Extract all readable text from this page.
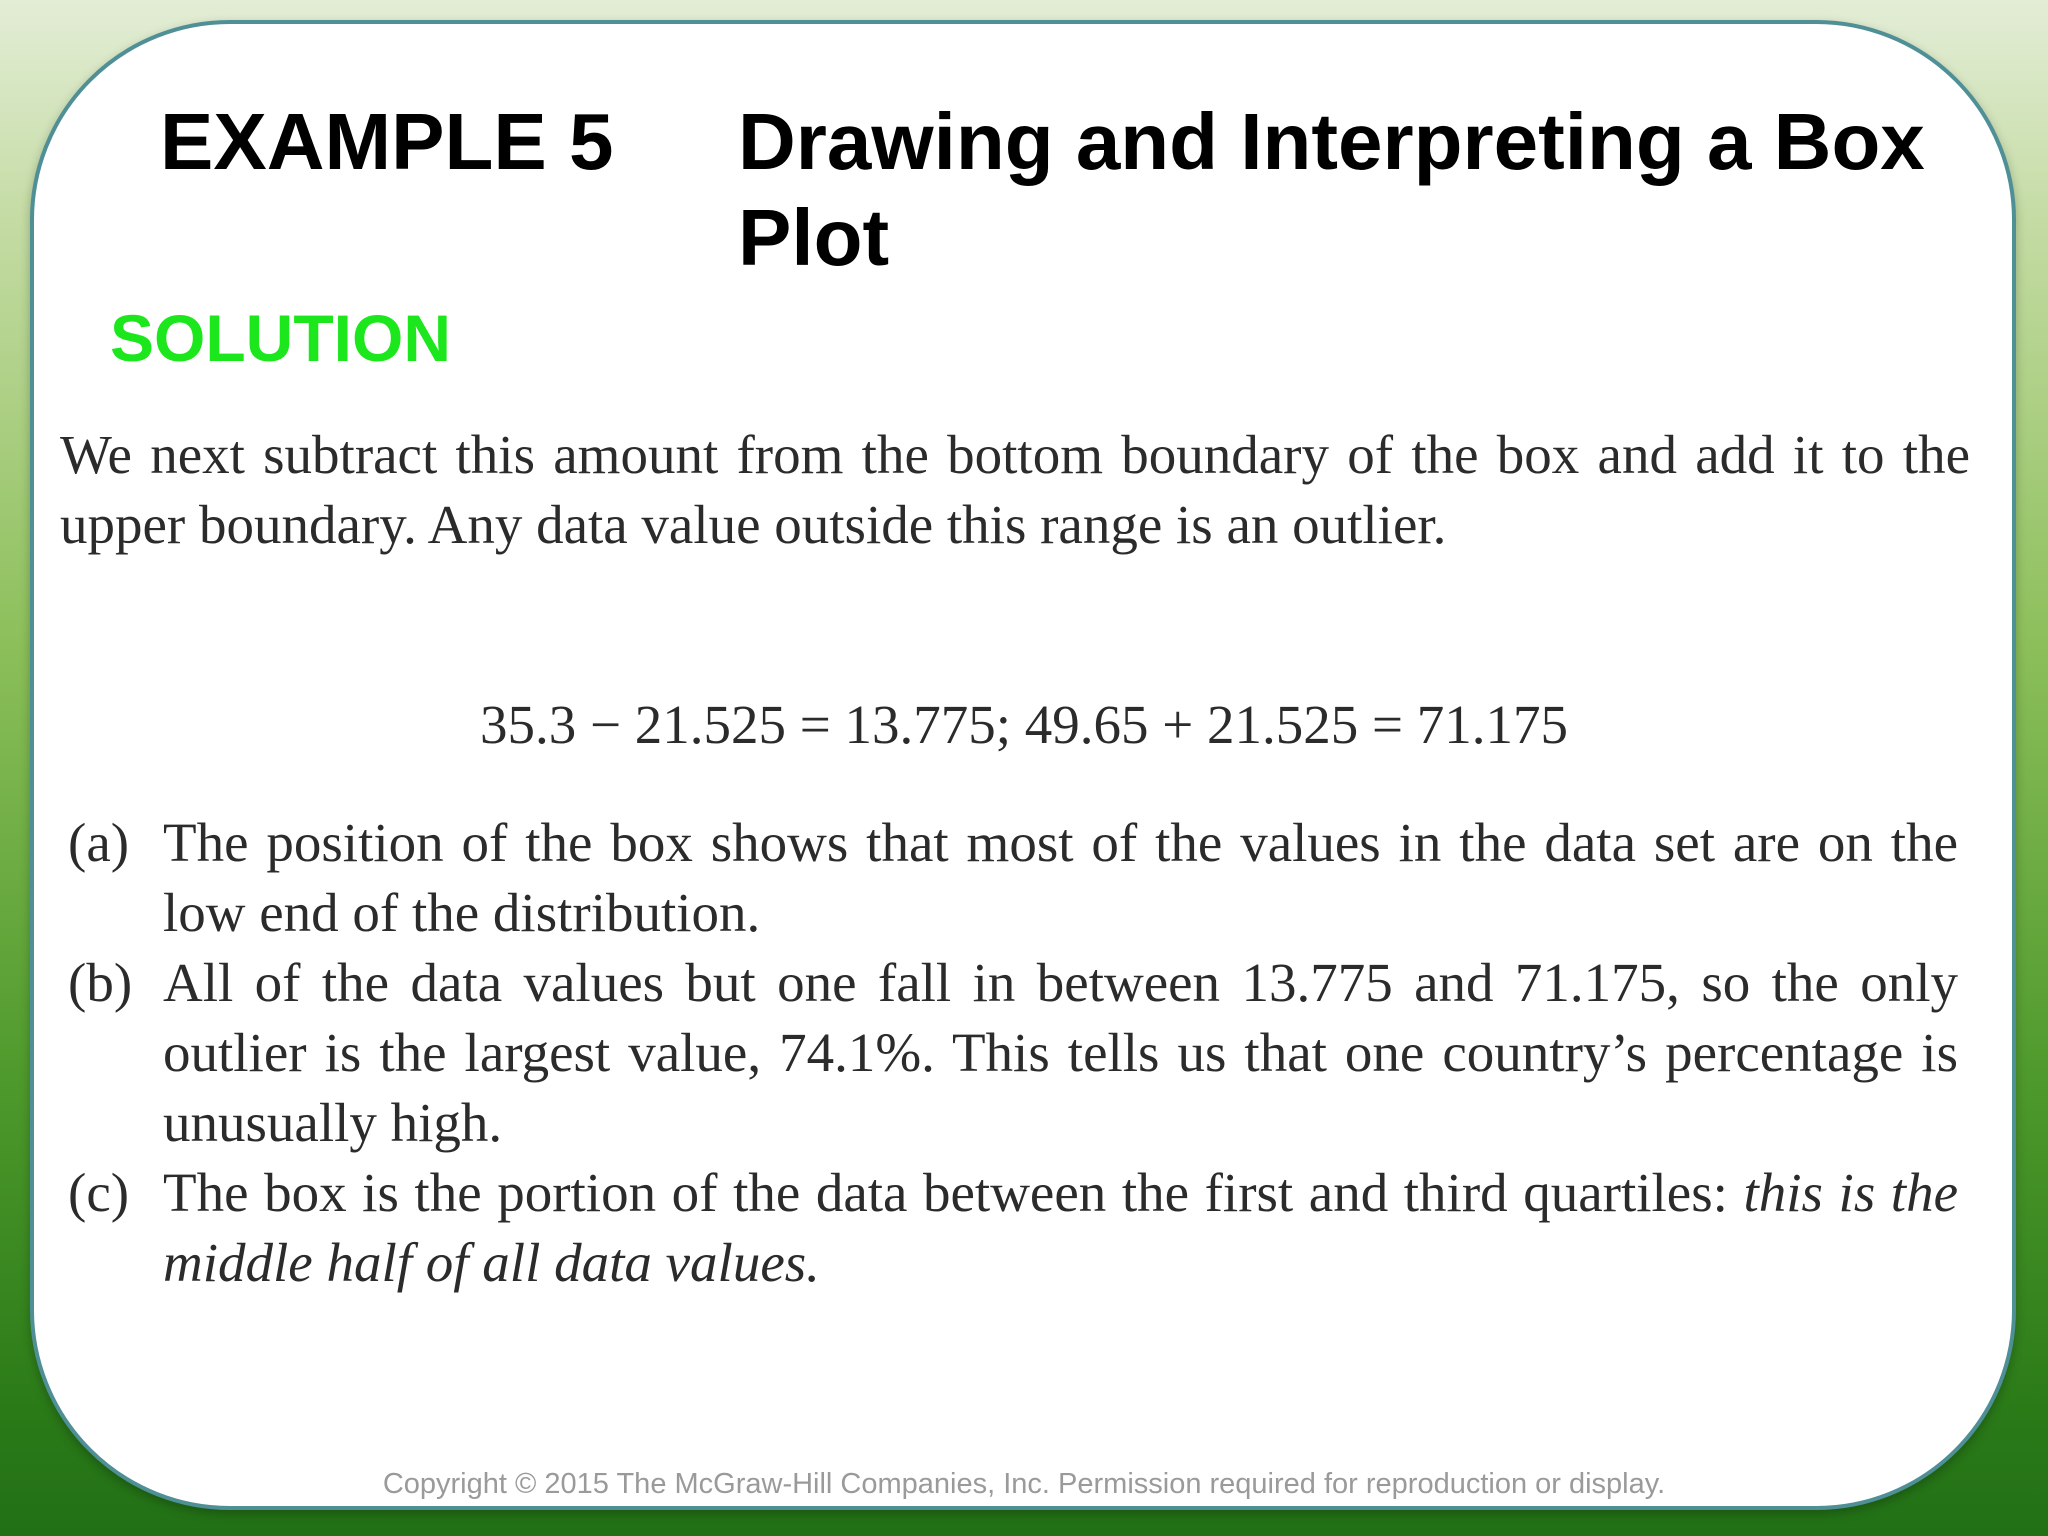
EXAMPLE 5 Drawing and Interpreting a Box Plot
SOLUTION
We next subtract this amount from the bottom boundary of the box and add it to the upper boundary. Any data value outside this range is an outlier.
35.3 − 21.525 = 13.775; 49.65 + 21.525 = 71.175
(a) The position of the box shows that most of the values in the data set are on the low end of the distribution.
(b) All of the data values but one fall in between 13.775 and 71.175, so the only outlier is the largest value, 74.1%. This tells us that one country’s percentage is unusually high.
(c) The box is the portion of the data between the first and third quartiles: this is the middle half of all data values.
Copyright © 2015 The McGraw-Hill Companies, Inc. Permission required for reproduction or display.
